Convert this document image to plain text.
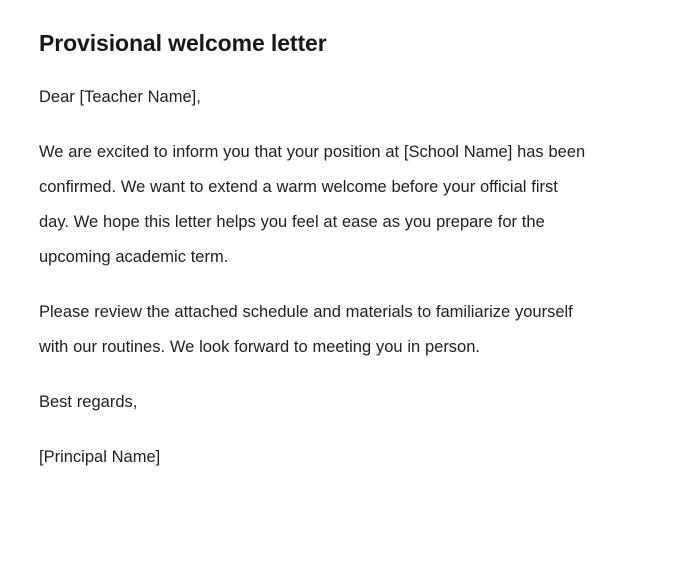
Provisional welcome letter

Dear [Teacher Name],

We are excited to inform you that your position at [School Name] has been confirmed. We want to extend a warm welcome before your official first day. We hope this letter helps you feel at ease as you prepare for the upcoming academic term.

Please review the attached schedule and materials to familiarize yourself with our routines. We look forward to meeting you in person.

Best regards,

[Principal Name]
